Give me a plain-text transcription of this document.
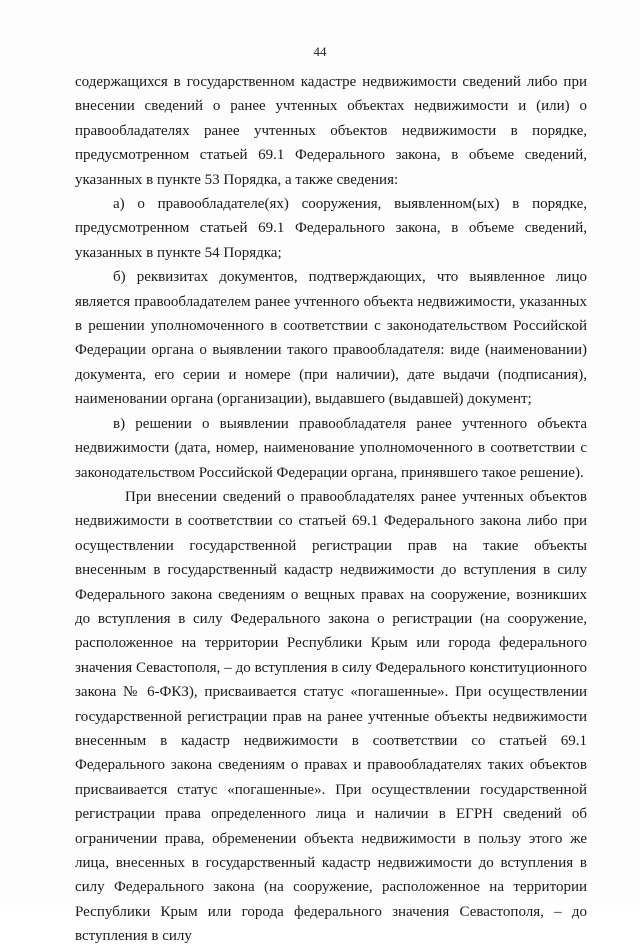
44

содержащихся в государственном кадастре недвижимости сведений либо при внесении сведений о ранее учтенных объектах недвижимости и (или) о правообладателях ранее учтенных объектов недвижимости в порядке, предусмотренном статьей 69.1 Федерального закона, в объеме сведений, указанных в пункте 53 Порядка, а также сведения:

а) о правообладателе(ях) сооружения, выявленном(ых) в порядке, предусмотренном статьей 69.1 Федерального закона, в объеме сведений, указанных в пункте 54 Порядка;

б) реквизитах документов, подтверждающих, что выявленное лицо является правообладателем ранее учтенного объекта недвижимости, указанных в решении уполномоченного в соответствии с законодательством Российской Федерации органа о выявлении такого правообладателя: виде (наименовании) документа, его серии и номере (при наличии), дате выдачи (подписания), наименовании органа (организации), выдавшего (выдавшей) документ;

в) решении о выявлении правообладателя ранее учтенного объекта недвижимости (дата, номер, наименование уполномоченного в соответствии с законодательством Российской Федерации органа, принявшего такое решение).

При внесении сведений о правообладателях ранее учтенных объектов недвижимости в соответствии со статьей 69.1 Федерального закона либо при осуществлении государственной регистрации прав на такие объекты внесенным в государственный кадастр недвижимости до вступления в силу Федерального закона сведениям о вещных правах на сооружение, возникших до вступления в силу Федерального закона о регистрации (на сооружение, расположенное на территории Республики Крым или города федерального значения Севастополя, – до вступления в силу Федерального конституционного закона № 6-ФКЗ), присваивается статус «погашенные». При осуществлении государственной регистрации прав на ранее учтенные объекты недвижимости внесенным в кадастр недвижимости в соответствии со статьей 69.1 Федерального закона сведениям о правах и правообладателях таких объектов присваивается статус «погашенные». При осуществлении государственной регистрации права определенного лица и наличии в ЕГРН сведений об ограничении права, обременении объекта недвижимости в пользу этого же лица, внесенных в государственный кадастр недвижимости до вступления в силу Федерального закона (на сооружение, расположенное на территории Республики Крым или города федерального значения Севастополя, – до вступления в силу
